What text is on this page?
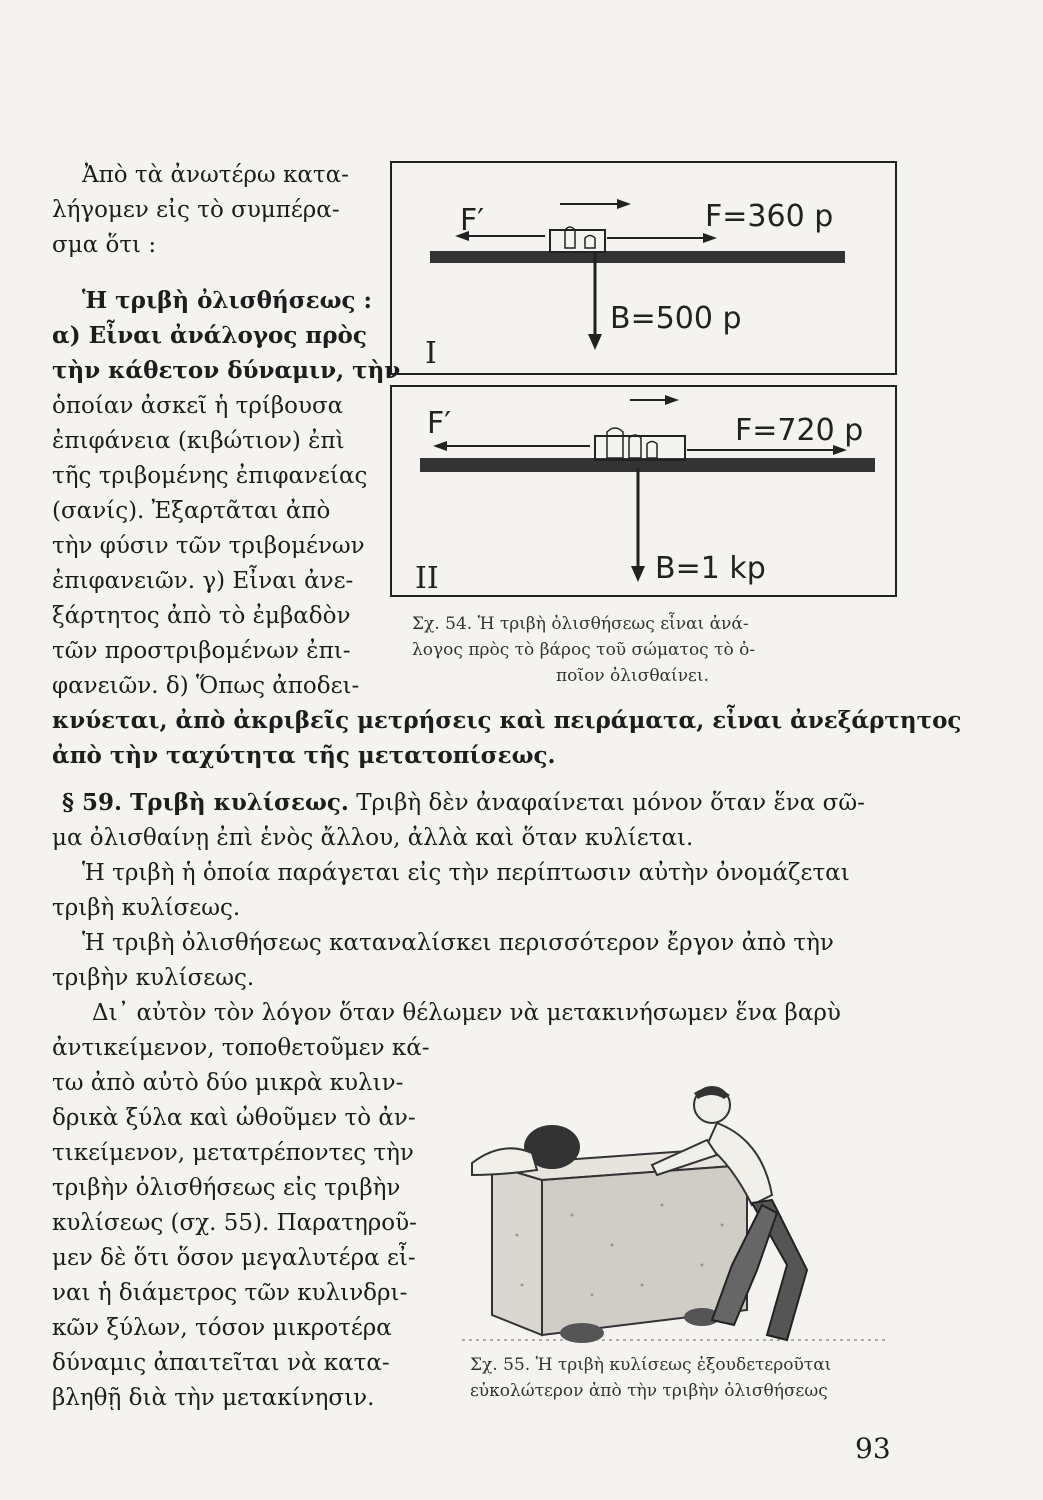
Ἀπὸ τὰ ἀνωτέρω κατα-
λήγομεν εἰς τὸ συμπέρα-
σμα ὅτι :
Ἡ τριβὴ ὀλισθήσεως :
α) Εἶναι ἀνάλογος πρὸς
τὴν κάθετον δύναμιν, τὴν
ὁποίαν ἀσκεῖ ἡ τρίβουσα
ἐπιφάνεια (κιβώτιον) ἐπὶ
τῆς τριβομένης ἐπιφανείας
(σανίς). Ἐξαρτᾶται ἀπὸ
τὴν φύσιν τῶν τριβομένων
ἐπιφανειῶν. γ) Εἶναι ἀνε-
ξάρτητος ἀπὸ τὸ ἐμβαδὸν
τῶν προστριβομένων ἐπι-
φανειῶν. δ) Ὅπως ἀποδει-
κνύεται, ἀπὸ ἀκριβεῖς μετρήσεις καὶ πειράματα, εἶναι ἀνεξάρτητος
ἀπὸ τὴν ταχύτητα τῆς μετατοπίσεως.
F′	F=360 p
B=500 p
I
F′	F=720 p
B=1 kp
II
Σχ. 54. Ἡ τριβὴ ὀλισθήσεως εἶναι ἀνά-
λογος πρὸς τὸ βάρος τοῦ σώματος τὸ ὁ-
ποῖον ὀλισθαίνει.
§ 59. Τριβὴ κυλίσεως. Τριβὴ δὲν ἀναφαίνεται μόνον ὅταν ἕνα σῶ-
μα ὀλισθαίνῃ ἐπὶ ἑνὸς ἄλλου, ἀλλὰ καὶ ὅταν κυλίεται.
Ἡ τριβὴ ἡ ὁποία παράγεται εἰς τὴν περίπτωσιν αὐτὴν ὀνομάζεται
τριβὴ κυλίσεως.
Ἡ τριβὴ ὀλισθήσεως καταναλίσκει περισσότερον ἔργον ἀπὸ τὴν
τριβὴν κυλίσεως.
Δι᾽ αὐτὸν τὸν λόγον ὅταν θέλωμεν νὰ μετακινήσωμεν ἕνα βαρὺ
ἀντικείμενον, τοποθετοῦμεν κά-
τω ἀπὸ αὐτὸ δύο μικρὰ κυλιν-
δρικὰ ξύλα καὶ ὠθοῦμεν τὸ ἀν-
τικείμενον, μετατρέποντες τὴν
τριβὴν ὀλισθήσεως εἰς τριβὴν
κυλίσεως (σχ. 55). Παρατηροῦ-
μεν δὲ ὅτι ὅσον μεγαλυτέρα εἶ-
ναι ἡ διάμετρος τῶν κυλινδρι-
κῶν ξύλων, τόσον μικροτέρα
δύναμις ἀπαιτεῖται νὰ κατα-
βληθῇ διὰ τὴν μετακίνησιν.
Σχ. 55. Ἡ τριβὴ κυλίσεως ἐξουδετεροῦται
εὐκολώτερον ἀπὸ τὴν τριβὴν ὀλισθήσεως
93
